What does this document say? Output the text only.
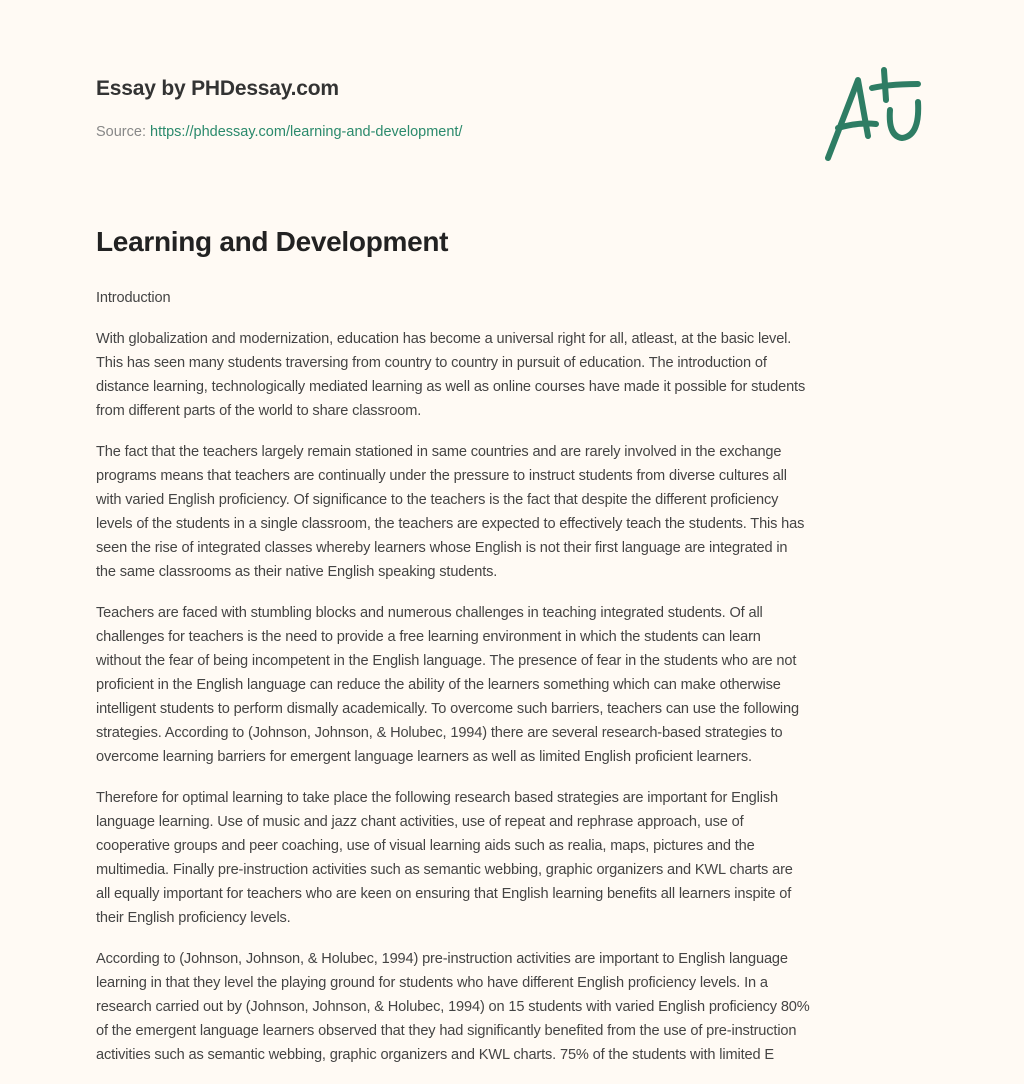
Essay by PHDessay.com
Source: https://phdessay.com/learning-and-development/
Learning and Development

Introduction

With globalization and modernization, education has become a universal right for all, atleast, at the basic level.
This has seen many students traversing from country to country in pursuit of education. The introduction of
distance learning, technologically mediated learning as well as online courses have made it possible for students
from different parts of the world to share classroom.

The fact that the teachers largely remain stationed in same countries and are rarely involved in the exchange
programs means that teachers are continually under the pressure to instruct students from diverse cultures all
with varied English proficiency. Of significance to the teachers is the fact that despite the different proficiency
levels of the students in a single classroom, the teachers are expected to effectively teach the students. This has
seen the rise of integrated classes whereby learners whose English is not their first language are integrated in
the same classrooms as their native English speaking students.

Teachers are faced with stumbling blocks and numerous challenges in teaching integrated students. Of all
challenges for teachers is the need to provide a free learning environment in which the students can learn
without the fear of being incompetent in the English language. The presence of fear in the students who are not
proficient in the English language can reduce the ability of the learners something which can make otherwise
intelligent students to perform dismally academically. To overcome such barriers, teachers can use the following
strategies. According to (Johnson, Johnson, & Holubec, 1994) there are several research-based strategies to
overcome learning barriers for emergent language learners as well as limited English proficient learners.

Therefore for optimal learning to take place the following research based strategies are important for English
language learning. Use of music and jazz chant activities, use of repeat and rephrase approach, use of
cooperative groups and peer coaching, use of visual learning aids such as realia, maps, pictures and the
multimedia. Finally pre-instruction activities such as semantic webbing, graphic organizers and KWL charts are
all equally important for teachers who are keen on ensuring that English learning benefits all learners inspite of
their English proficiency levels.

According to (Johnson, Johnson, & Holubec, 1994) pre-instruction activities are important to English language
learning in that they level the playing ground for students who have different English proficiency levels. In a
research carried out by (Johnson, Johnson, & Holubec, 1994) on 15 students with varied English proficiency 80%
of the emergent language learners observed that they had significantly benefited from the use of pre-instruction
activities such as semantic webbing, graphic organizers and KWL charts. 75% of the students with limited E
